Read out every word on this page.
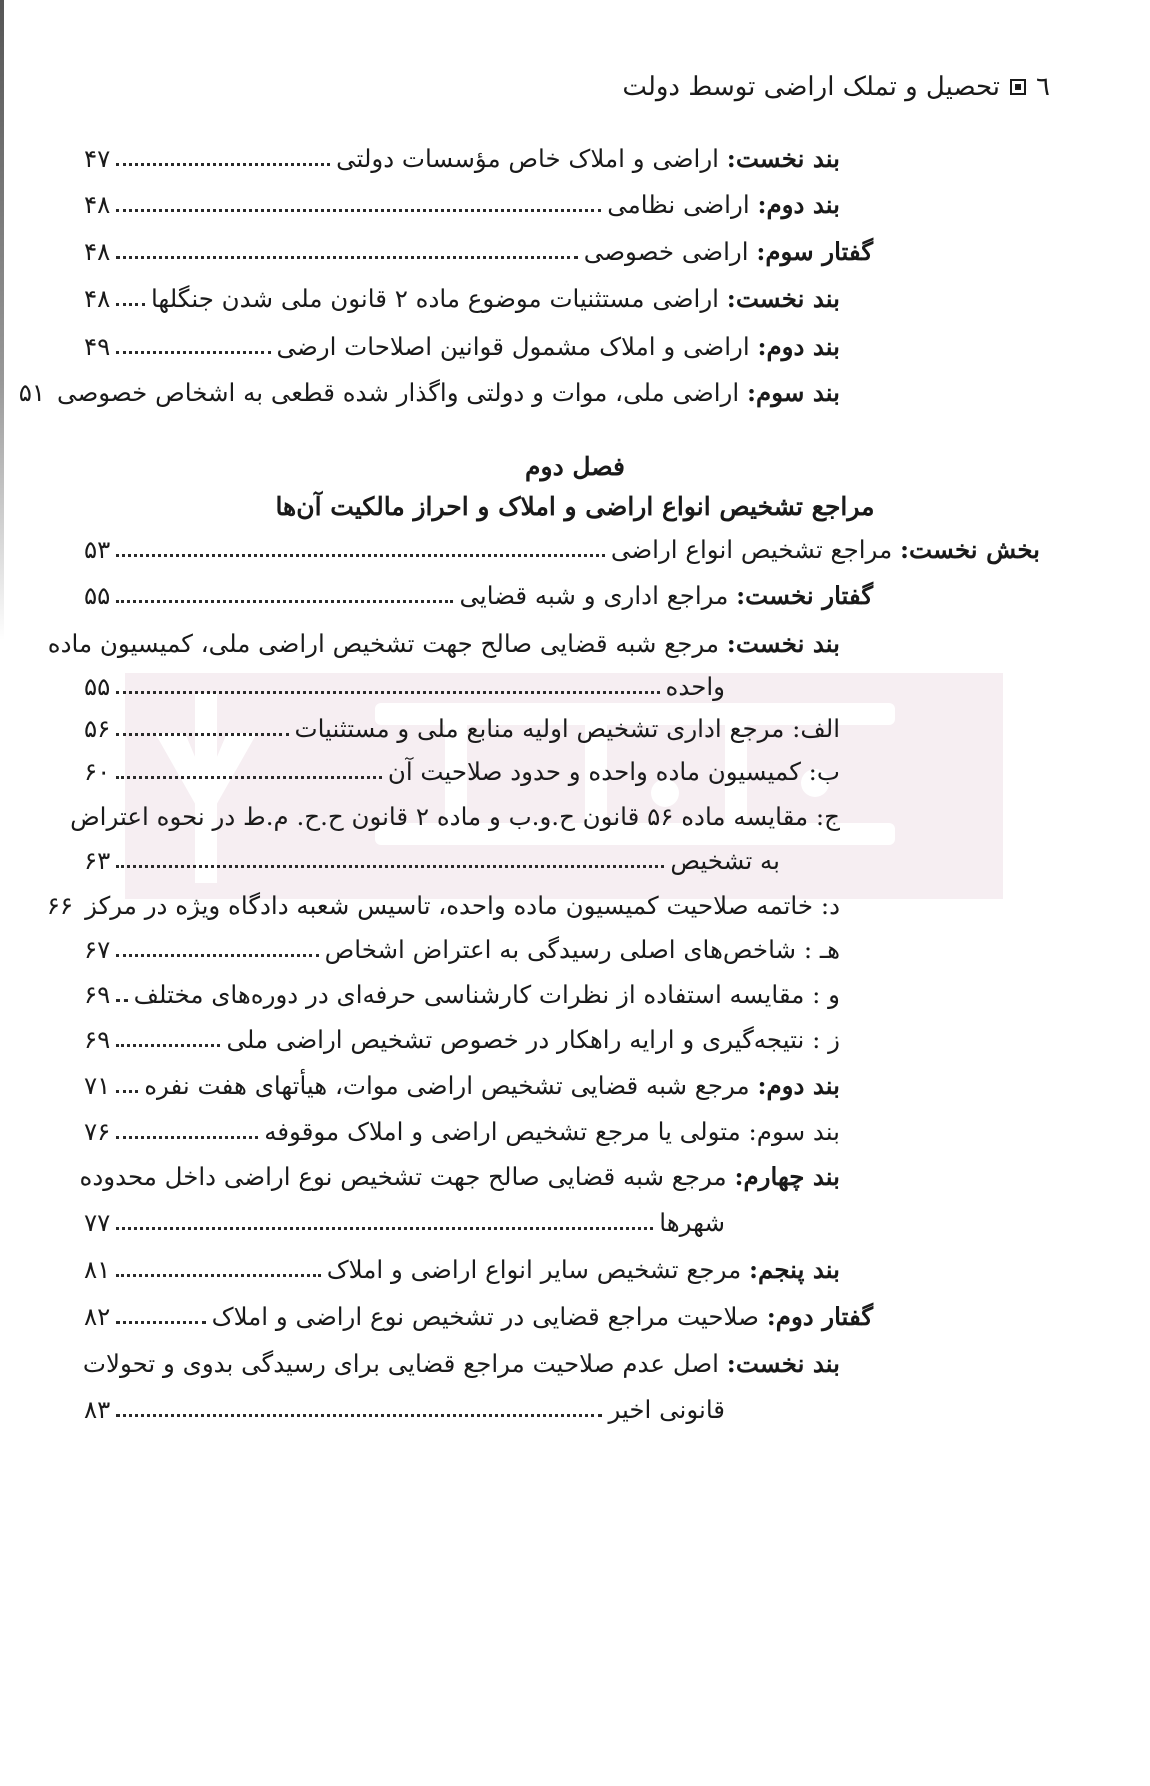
٦
تحصیل و تملک اراضی توسط دولت
بند نخست: اراضی و املاک خاص مؤسسات دولتی
۴۷
بند دوم: اراضی نظامی
۴۸
گفتار سوم: اراضی خصوصی
۴۸
بند نخست: اراضی مستثنیات موضوع ماده ۲ قانون ملی شدن جنگلها
۴۸
بند دوم: اراضی و املاک مشمول قوانین اصلاحات ارضی
۴۹
بند سوم: اراضی ملی، موات و دولتی واگذار شده قطعی به اشخاص خصوصی
۵۱
فصل دوم
مراجع تشخیص انواع اراضی و املاک و احراز مالکیت آن‌ها
بخش نخست: مراجع تشخیص انواع اراضی
۵۳
گفتار نخست: مراجع اداری و شبه قضایی
۵۵
بند نخست: مرجع شبه قضایی صالح جهت تشخیص اراضی ملی، کمیسیون ماده
واحده
۵۵
الف: مرجع اداری تشخیص اولیه منابع ملی و مستثنیات
۵۶
ب: کمیسیون ماده واحده و حدود صلاحیت آن
۶۰
ج: مقایسه ماده ۵۶ قانون ح.و.ب و ماده ۲ قانون ح.ح. م.ط در نحوه اعتراض
به تشخیص
۶۳
د: خاتمه صلاحیت کمیسیون ماده واحده، تاسیس شعبه دادگاه ویژه در مرکز
۶۶
هـ : شاخص‌های اصلی رسیدگی به اعتراض اشخاص
۶۷
و : مقایسه استفاده از نظرات کارشناسی حرفه‌ای در دوره‌های مختلف
۶۹
ز : نتیجه‌گیری و ارایه راهکار در خصوص تشخیص اراضی ملی
۶۹
بند دوم: مرجع شبه قضایی تشخیص اراضی موات، هیأتهای هفت نفره
۷۱
بند سوم: متولی یا مرجع تشخیص اراضی و املاک موقوفه
۷۶
بند چهارم: مرجع شبه قضایی صالح جهت تشخیص نوع اراضی داخل محدوده
شهرها
۷۷
بند پنجم: مرجع تشخیص سایر انواع اراضی و املاک
۸۱
گفتار دوم: صلاحیت مراجع قضایی در تشخیص نوع اراضی و املاک
۸۲
بند نخست: اصل عدم صلاحیت مراجع قضایی برای رسیدگی بدوی و تحولات
قانونی اخیر
۸۳
